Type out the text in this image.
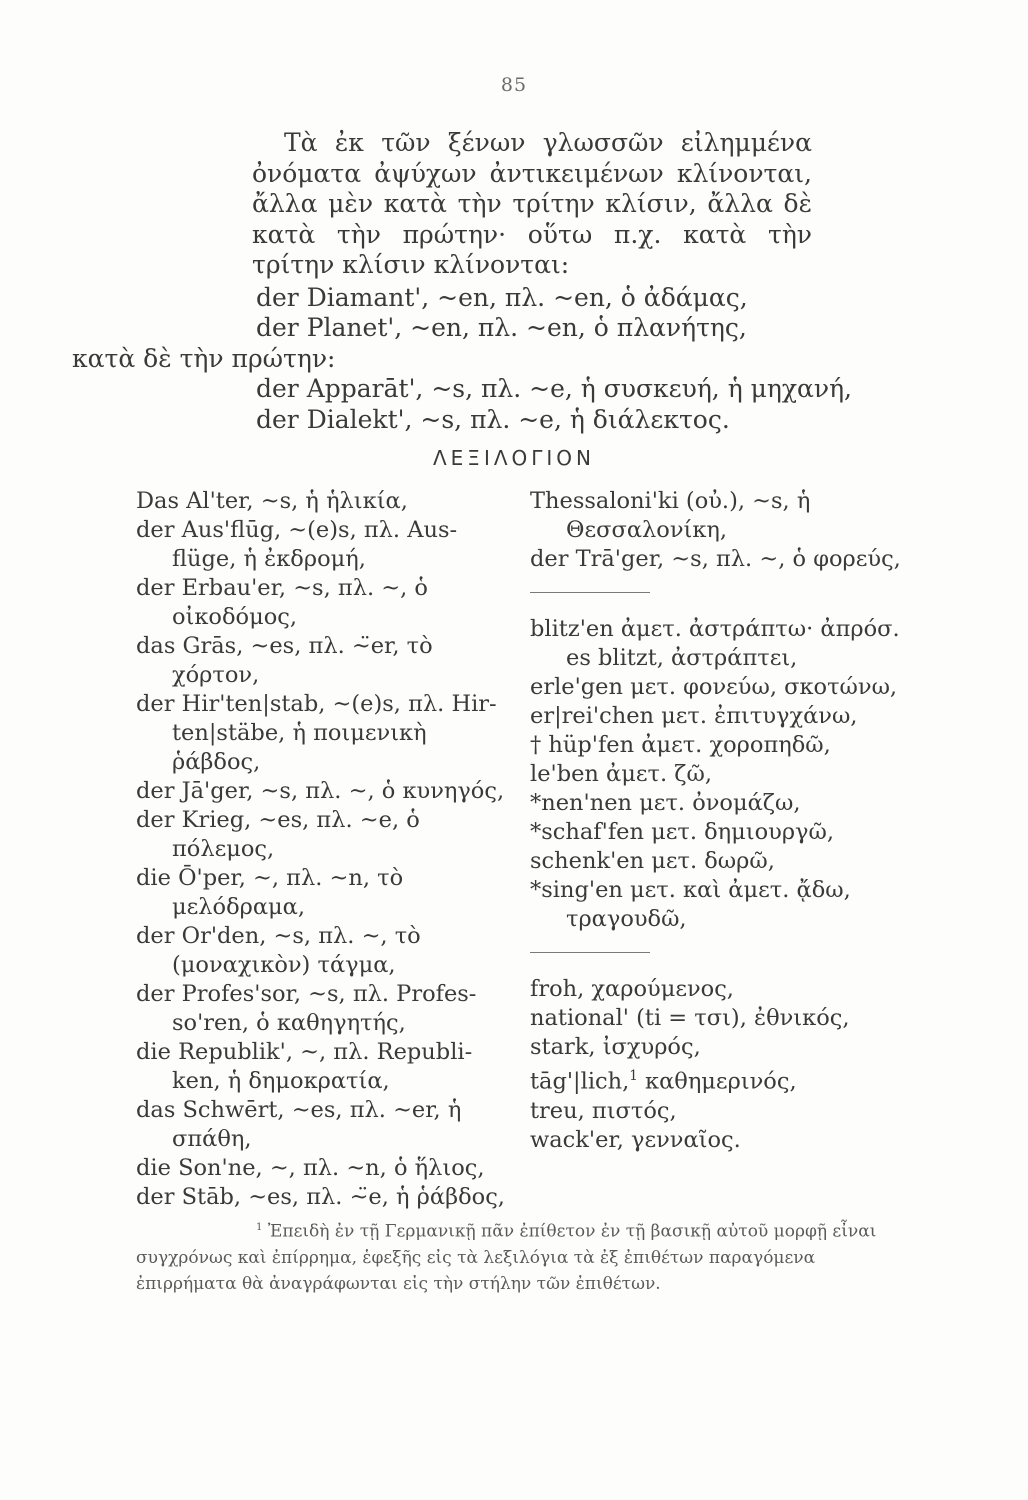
85

Τὰ ἐκ τῶν ξένων γλωσσῶν εἰλημμένα ὀνόματα ἀψύχων ἀντικειμένων κλίνονται, ἄλλα μὲν κατὰ τὴν τρίτην κλίσιν, ἄλλα δὲ κατὰ τὴν πρώτην· οὕτω π.χ. κατὰ τὴν τρίτην κλίσιν κλίνονται:

der Diamant', ~en, πλ. ~en, ὁ ἀδάμας,

der Planet', ~en, πλ. ~en, ὁ πλανήτης,

κατὰ δὲ τὴν πρώτην:

der Apparāt', ~s, πλ. ~e, ἡ συσκευή, ἡ μηχανή,

der Dialekt', ~s, πλ. ~e, ἡ διάλεκτος.

ΛΕΞΙΛΟΓΙΟΝ

Das Al'ter, ~s, ἡ ἡλικία,

der Aus'flūg, ~(e)s, πλ. Aus-flüge, ἡ ἐκδρομή,

der Erbau'er, ~s, πλ. ~, ὁ οἰκοδόμος,

das Grās, ~es, πλ. ~̈er, τὸ χόρτον,

der Hir'ten|stab, ~(e)s, πλ. Hir-ten|stäbe, ἡ ποιμενικὴ ῥάβδος,

der Jā'ger, ~s, πλ. ~, ὁ κυνηγός,

der Krieg, ~es, πλ. ~e, ὁ πόλεμος,

die Ō'per, ~, πλ. ~n, τὸ μελόδραμα,

der Or'den, ~s, πλ. ~, τὸ (μοναχικὸν) τάγμα,

der Profes'sor, ~s, πλ. Profes-so'ren, ὁ καθηγητής,

die Republik', ~, πλ. Republi-ken, ἡ δημοκρατία,

das Schwērt, ~es, πλ. ~er, ἡ σπάθη,

die Son'ne, ~, πλ. ~n, ὁ ἥλιος,

der Stāb, ~es, πλ. ~̈e, ἡ ῥάβδος,

Thessaloni'ki (οὐ.), ~s, ἡ Θεσσαλονίκη,

der Trā'ger, ~s, πλ. ~, ὁ φορεύς,

blitz'en ἀμετ. ἀστράπτω· ἀπρόσ.

es blitzt, ἀστράπτει,

erle'gen μετ. φονεύω, σκοτώνω,

er|rei'chen μετ. ἐπιτυγχάνω,

† hüp'fen ἀμετ. χοροπηδῶ,

le'ben ἀμετ. ζῶ,

*nen'nen μετ. ὀνομάζω,

*schaf'fen μετ. δημιουργῶ,

schenk'en μετ. δωρῶ,

*sing'en μετ. καὶ ἀμετ. ᾄδω, τραγουδῶ,

froh, χαρούμενος,

national' (ti = τσι), ἐθνικός,

stark, ἰσχυρός,

tāg'|lich,$^1$ καθημερινός,

treu, πιστός,

wack'er, γενναῖος.

$^1$ Ἐπειδὴ ἐν τῇ Γερμανικῇ πᾶν ἐπίθετον ἐν τῇ βασικῇ αὐτοῦ μορφῇ εἶναι συγχρόνως καὶ ἐπίρρημα, ἑφεξῆς εἰς τὰ λεξιλόγια τὰ ἐξ ἐπιθέτων παραγόμενα ἐπιρρήματα θὰ ἀναγράφωνται εἰς τὴν στήλην τῶν ἐπιθέτων.
